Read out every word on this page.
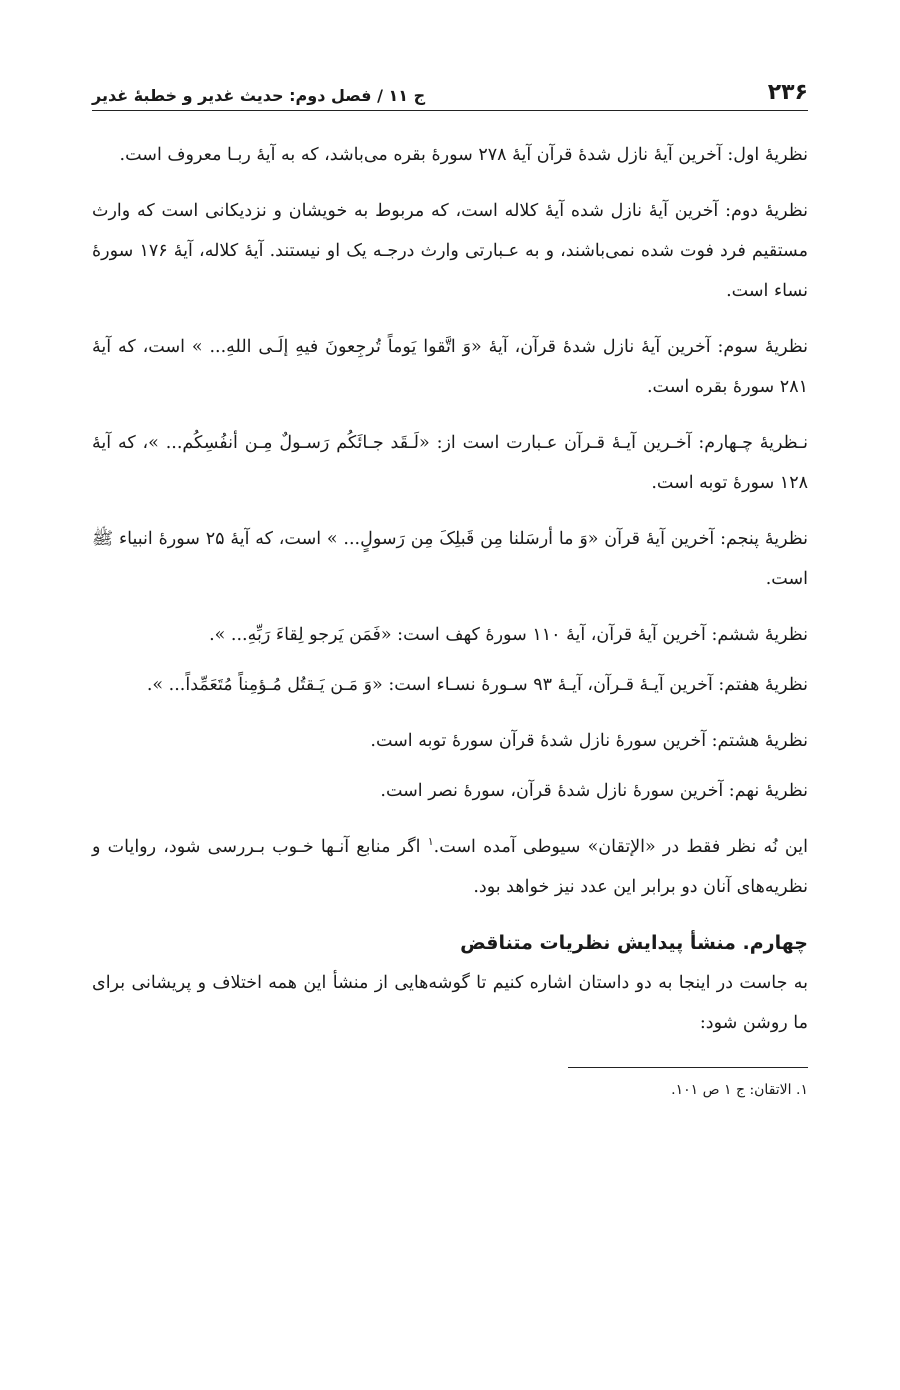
۲۳۶
ج ۱۱ / فصل دوم: حدیث غدیر و خطبهٔ غدیر

نظریهٔ اول: آخرین آیهٔ نازل شدهٔ قرآن آیهٔ ۲۷۸ سورهٔ بقره می‌باشد، که به آیهٔ ربـا معروف است.

نظریهٔ دوم: آخرین آیهٔ نازل شده آیهٔ کلاله است، که مربوط به خویشان و نزدیکانی است که وارث مستقیم فرد فوت شده نمی‌باشند، و به عـبارتی وارث درجـه یک او نیستند. آیهٔ کلاله، آیهٔ ۱۷۶ سورهٔ نساء است.

نظریهٔ سوم: آخرین آیهٔ نازل شدهٔ قرآن، آیهٔ «وَ اتَّقوا یَوماً تُرجِعونَ فیهِ إلَـی اللهِ... » است، که آیهٔ ۲۸۱ سورهٔ بقره است.

نـظریهٔ چـهارم: آخـرین آیـهٔ قـرآن عـبارت است از: «لَـقَد جـائَکُم رَسـولٌ مِـن أنفُسِکُم... »، که آیهٔ ۱۲۸ سورهٔ توبه است.

نظریهٔ پنجم: آخرین آیهٔ قرآن «وَ ما أرسَلنا مِن قَبلِکَ مِن رَسولٍ... » است، که آیهٔ ۲۵ سورهٔ انبیاء ﷺ است.

نظریهٔ ششم: آخرین آیهٔ قرآن، آیهٔ ۱۱۰ سورهٔ کهف است: «فَمَن یَرجو لِقاءَ رَبِّهِ... ».

نظریهٔ هفتم: آخرین آیـهٔ قـرآن، آیـهٔ ۹۳ سـورهٔ نسـاء است: «وَ مَـن یَـقتُل مُـؤمِناً مُتَعَمِّداً... ».

نظریهٔ هشتم: آخرین سورهٔ نازل شدهٔ قرآن سورهٔ توبه است.

نظریهٔ نهم: آخرین سورهٔ نازل شدهٔ قرآن، سورهٔ نصر است.

این نُه نظر فقط در «الإتقان» سیوطی آمده است.$^۱$ اگر منابع آنـها خـوب بـررسی شود، روایات و نظریه‌های آنان دو برابر این عدد نیز خواهد بود.

چهارم. منشأ پیدایش نظریات متناقض

به جاست در اینجا به دو داستان اشاره کنیم تا گوشه‌هایی از منشأ این همه اختلاف و پریشانی برای ما روشن شود:

۱. الاتقان: ج ۱ ص ۱۰۱.
